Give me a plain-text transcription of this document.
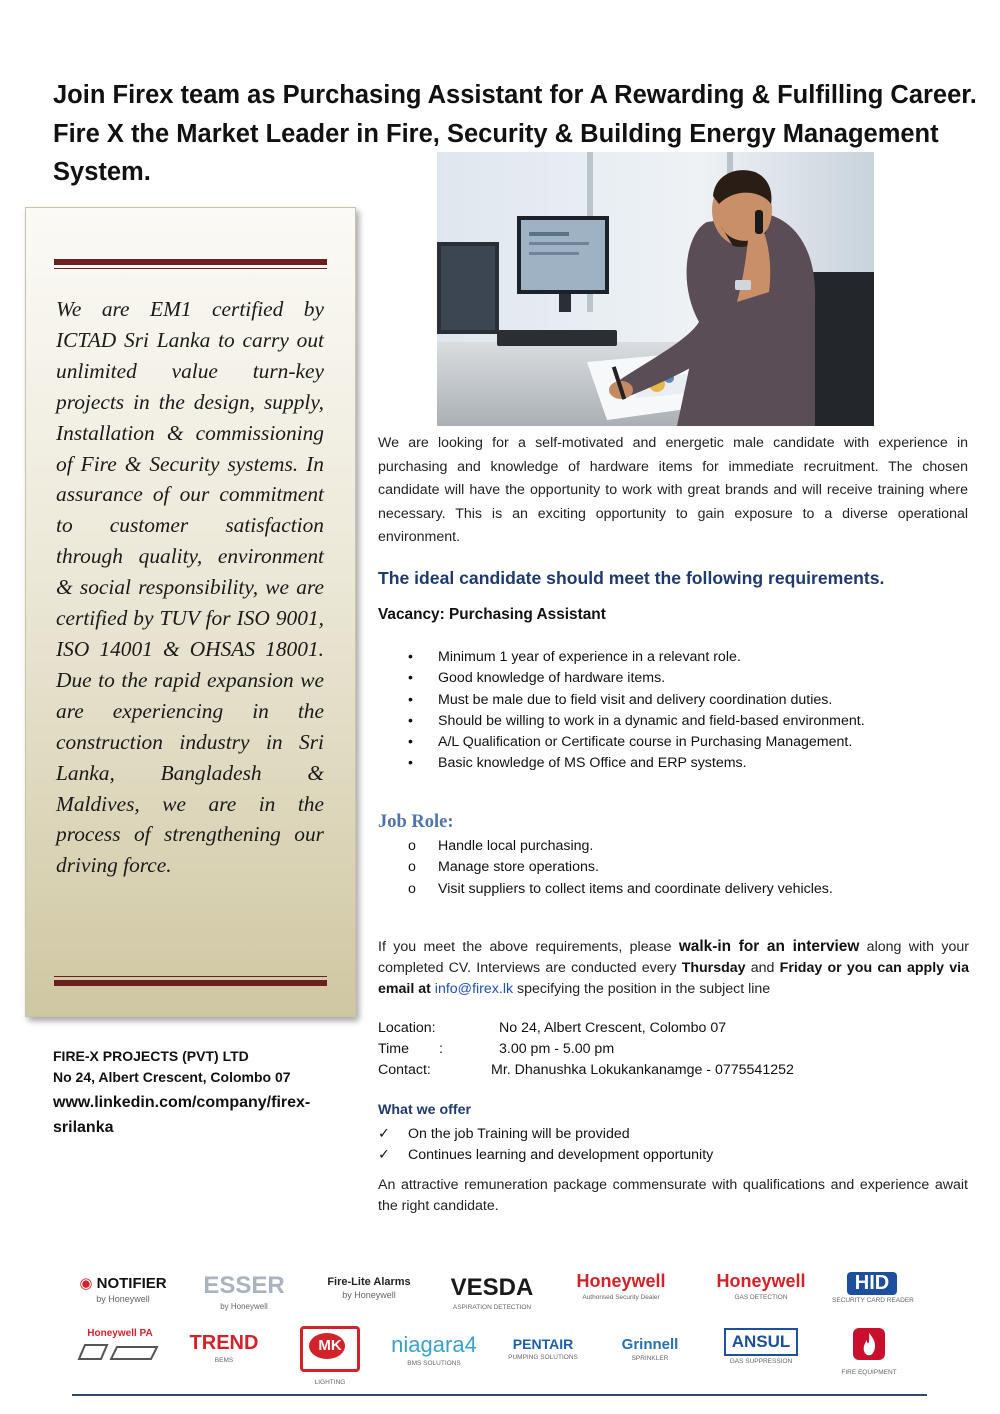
Join Firex team as Purchasing Assistant for A Rewarding & Fulfilling Career.
Fire X the Market Leader in Fire, Security & Building Energy Management
System.
We are EM1 certified by ICTAD Sri Lanka to carry out unlimited value turn-key projects in the design, supply, Installation & commissioning of Fire & Security systems. In assurance of our commitment to customer satisfaction through quality, environment & social responsibility, we are certified by TUV for ISO 9001, ISO 14001 & OHSAS 18001. Due to the rapid expansion we are experiencing in the construction industry in Sri Lanka, Bangladesh & Maldives, we are in the process of strengthening our driving force.
FIRE-X PROJECTS (PVT) LTD
No 24, Albert Crescent, Colombo 07
www.linkedin.com/company/firex-srilanka
We are looking for a self-motivated and energetic male candidate with experience in purchasing and knowledge of hardware items for immediate recruitment. The chosen candidate will have the opportunity to work with great brands and will receive training where necessary. This is an exciting opportunity to gain exposure to a diverse operational environment.
The ideal candidate should meet the following requirements.
Vacancy: Purchasing Assistant
•	Minimum 1 year of experience in a relevant role.
•	Good knowledge of hardware items.
•	Must be male due to field visit and delivery coordination duties.
•	Should be willing to work in a dynamic and field-based environment.
•	A/L Qualification or Certificate course in Purchasing Management.
•	Basic knowledge of MS Office and ERP systems.
Job Role:
o	Handle local purchasing.
o	Manage store operations.
o	Visit suppliers to collect items and coordinate delivery vehicles.
If you meet the above requirements, please walk-in for an interview along with your completed CV. Interviews are conducted every Thursday and Friday or you can apply via email at info@firex.lk specifying the position in the subject line
Location:	No 24, Albert Crescent, Colombo 07
Time :	3.00 pm - 5.00 pm
Contact:	Mr. Dhanushka Lokukankanamge - 0775541252
What we offer
✓ On the job Training will be provided
✓ Continues learning and development opportunity
An attractive remuneration package commensurate with qualifications and experience await the right candidate.
◉ NOTIFIER
by Honeywell	ESSER
by Honeywell
Fire-Lite Alarms
by Honeywell	VESDA
ASPIRATION DETECTION
Honeywell
Authorised Security Dealer
Honeywell
GAS DETECTION
HID
SECURITY CARD READER
Honeywell PA	TREND
BEMS
MK
LIGHTING
niagara4
BMS SOLUTIONS
PENTAIR
PUMPING SOLUTIONS
Grinnell
SPRINKLER
ANSUL
GAS SUPPRESSION
FIRE EQUIPMENT
